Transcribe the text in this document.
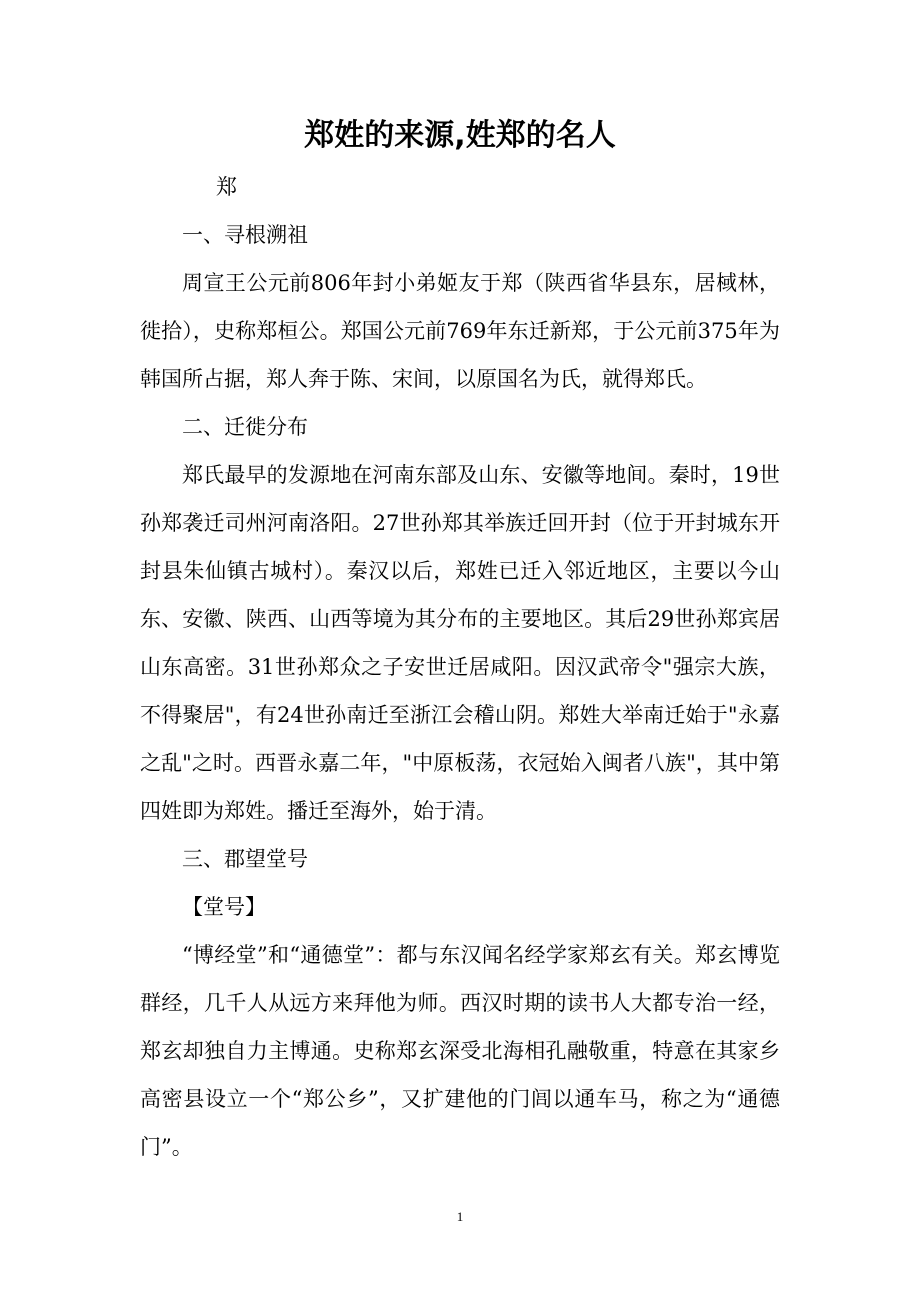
郑姓的来源,姓郑的名人

郑

一、寻根溯祖

周宣王公元前806年封小弟姬友于郑（陕西省华县东，居棫林，徙拾），史称郑桓公。郑国公元前769年东迁新郑，于公元前375年为韩国所占据，郑人奔于陈、宋间，以原国名为氏，就得郑氏。

二、迁徙分布

郑氏最早的发源地在河南东部及山东、安徽等地间。秦时，19世孙郑袭迁司州河南洛阳。27世孙郑其举族迁回开封（位于开封城东开封县朱仙镇古城村）。秦汉以后，郑姓已迁入邻近地区，主要以今山东、安徽、陕西、山西等境为其分布的主要地区。其后29世孙郑宾居山东高密。31世孙郑众之子安世迁居咸阳。因汉武帝令"强宗大族，不得聚居"，有24世孙南迁至浙江会稽山阴。郑姓大举南迁始于"永嘉之乱"之时。西晋永嘉二年，"中原板荡，衣冠始入闽者八族"，其中第四姓即为郑姓。播迁至海外，始于清。

三、郡望堂号

【堂号】

“博经堂”和“通德堂”：都与东汉闻名经学家郑玄有关。郑玄博览群经，几千人从远方来拜他为师。西汉时期的读书人大都专治一经，郑玄却独自力主博通。史称郑玄深受北海相孔融敬重，特意在其家乡高密县设立一个“郑公乡”，又扩建他的门闾以通车马，称之为“通德门”。

1
